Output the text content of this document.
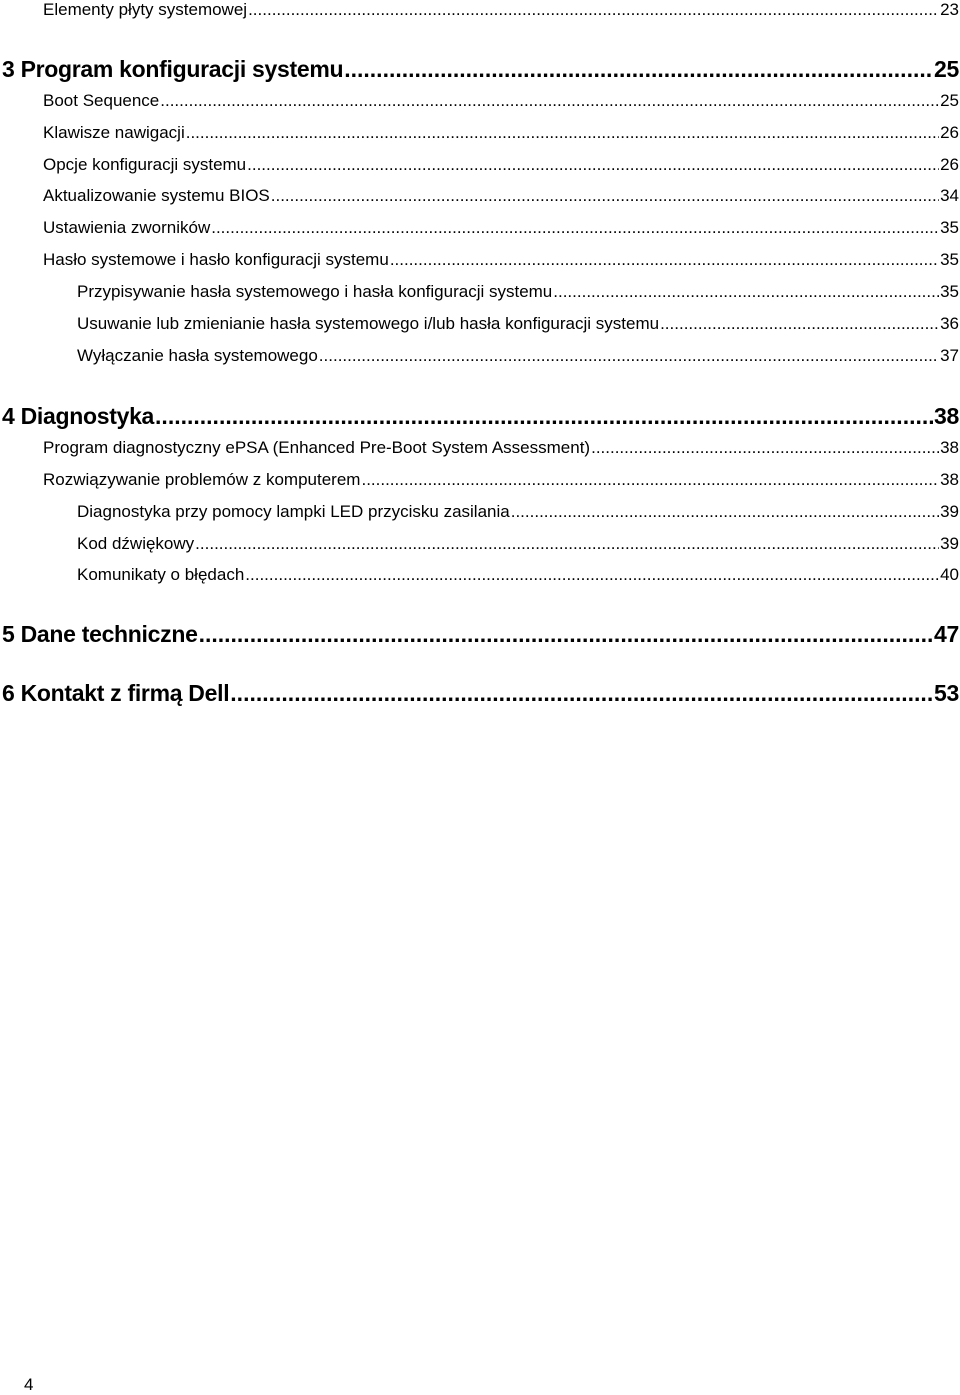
Elementy płyty systemowej .....	23
3 Program konfiguracji systemu .....	25
Boot Sequence .....	25
Klawisze nawigacji .....	26
Opcje konfiguracji systemu .....	26
Aktualizowanie systemu BIOS .....	34
Ustawienia zworników .....	35
Hasło systemowe i hasło konfiguracji systemu .....	35
Przypisywanie hasła systemowego i hasła konfiguracji systemu .....	35
Usuwanie lub zmienianie hasła systemowego i/lub hasła konfiguracji systemu .....	36
Wyłączanie hasła systemowego .....	37
4 Diagnostyka .....	38
Program diagnostyczny ePSA (Enhanced Pre-Boot System Assessment) .....	38
Rozwiązywanie problemów z komputerem .....	38
Diagnostyka przy pomocy lampki LED przycisku zasilania .....	39
Kod dźwiękowy .....	39
Komunikaty o błędach .....	40
5 Dane techniczne .....	47
6 Kontakt z firmą Dell .....	53
4
